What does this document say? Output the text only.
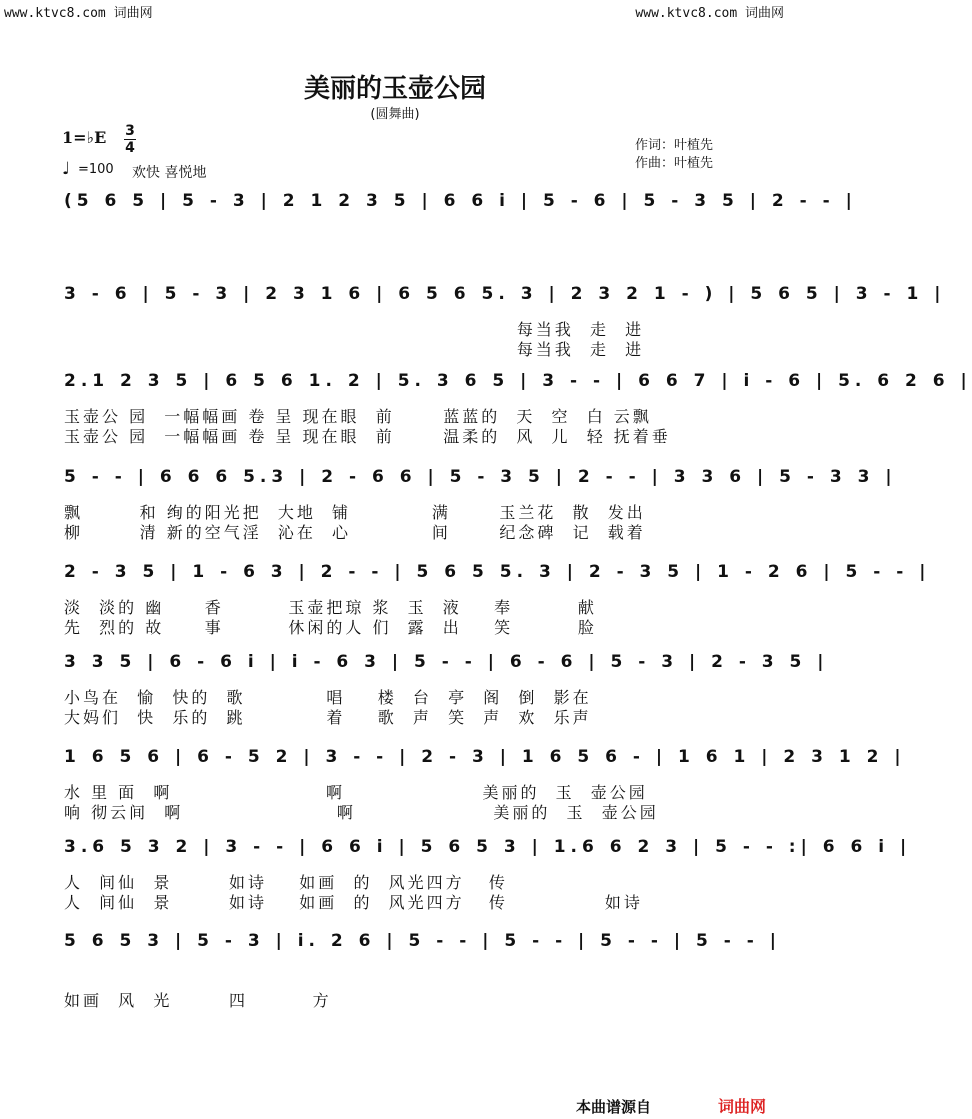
www.ktvc8.com 词曲网	www.ktvc8.com 词曲网
美丽的玉壶公园
(圆舞曲)
1=♭E 3
4
♩ =100 欢快 喜悦地
作词：叶植先
作曲：叶植先
(5 6 5 | 5 - 3 | 2 1 2 3 5 | 6 6 i | 5 - 6 | 5 - 3 5 | 2 - - |
3 - 6 | 5 - 3 | 2 3 1 6 | 6 5 6 5. 3 | 2 3 2 1 - ) | 5 6 5 | 3 - 1 |
每当我  走  进
每当我  走  进
2.1 2 3 5 | 6 5 6 1. 2 | 5. 3 6 5 | 3 - - | 6 6 7 | i - 6 | 5. 6 2 6 |
玉壶公 园  一幅幅画 卷 呈 现在眼  前      蓝蓝的  天  空  白 云飘
玉壶公 园  一幅幅画 卷 呈 现在眼  前      温柔的  风  儿  轻 抚着垂
5 - - | 6 6 6 5.3 | 2 - 6 6 | 5 - 3 5 | 2 - - | 3 3 6 | 5 - 3 3 |
飘       和 绚的阳光把  大地  铺          满      玉兰花  散  发出
柳       清 新的空气淫  沁在  心          间      纪念碑  记  载着
2 - 3 5 | 1 - 6 3 | 2 - - | 5 6 5 5. 3 | 2 - 3 5 | 1 - 2 6 | 5 - - |
淡  淡的 幽     香        玉壶把琼 浆  玉  液    奉        献
先  烈的 故     事        休闲的人 们  露  出    笑        脸
3 3 5 | 6 - 6 i | i - 6 3 | 5 - - | 6 - 6 | 5 - 3 | 2 - 3 5 |
小鸟在  愉  快的  歌          唱    楼  台  亭  阁  倒  影在
大妈们  快  乐的  跳          着    歌  声  笑  声  欢  乐声
1 6 5 6 | 6 - 5 2 | 3 - - | 2 - 3 | 1 6 5 6 - | 1 6 1 | 2 3 1 2 |
水 里 面  啊                   啊                 美丽的  玉  壶公园
响 彻云间  啊                   啊                 美丽的  玉  壶公园
3.6 5 3 2 | 3 - - | 6 6 i | 5 6 5 3 | 1.6 6 2 3 | 5 - - :| 6 6 i |
人  间仙  景       如诗    如画  的  风光四方   传
人  间仙  景       如诗    如画  的  风光四方   传            如诗
5 6 5 3 | 5 - 3 | i. 2 6 | 5 - - | 5 - - | 5 - - | 5 - - |
如画  风  光       四        方
本曲谱源自	词曲网
